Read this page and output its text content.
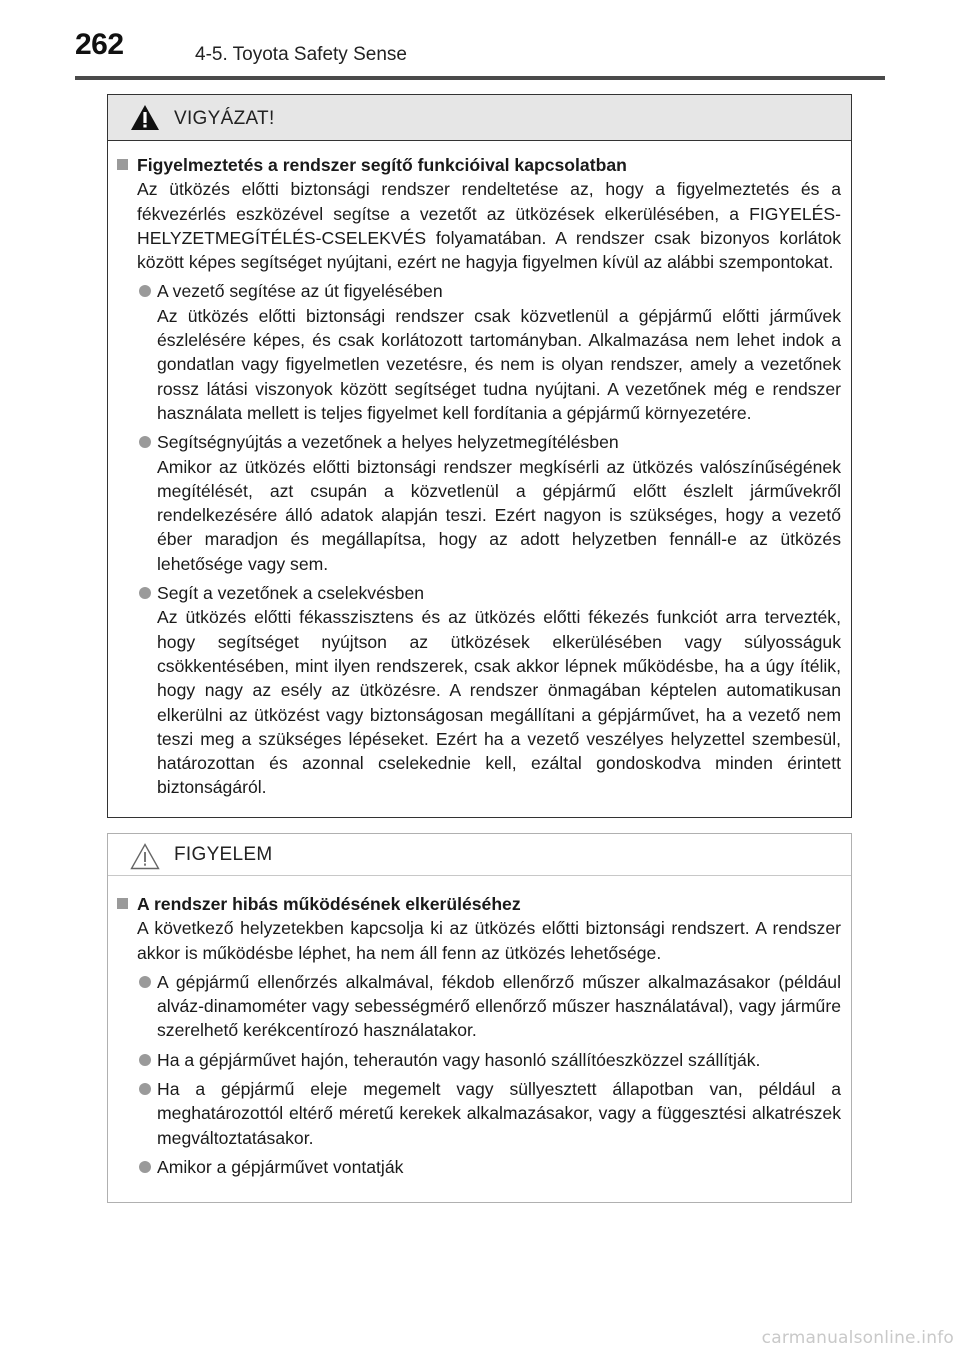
262	4-5. Toyota Safety Sense
VIGYÁZAT!
Figyelmeztetés a rendszer segítő funkcióival kapcsolatban
Az ütközés előtti biztonsági rendszer rendeltetése az, hogy a figyelmeztetés és a fékvezérlés eszközével segítse a vezetőt az ütközések elkerülésében, a FIGYELÉS-HELYZETMEGÍTÉLÉS-CSELEKVÉS folyamatában. A rendszer csak bizonyos korlátok között képes segítséget nyújtani, ezért ne hagyja figyelmen kívül az alábbi szempontokat.
A vezető segítése az út figyelésében
Az ütközés előtti biztonsági rendszer csak közvetlenül a gépjármű előtti járművek észlelésére képes, és csak korlátozott tartományban. Alkalmazása nem lehet indok a gondatlan vagy figyelmetlen vezetésre, és nem is olyan rendszer, amely a vezetőnek rossz látási viszonyok között segítséget tudna nyújtani. A vezetőnek még e rendszer használata mellett is teljes figyelmet kell fordítania a gépjármű környezetére.
Segítségnyújtás a vezetőnek a helyes helyzetmegítélésben
Amikor az ütközés előtti biztonsági rendszer megkísérli az ütközés valószínűségének megítélését, azt csupán a közvetlenül a gépjármű előtt észlelt járművekről rendelkezésére álló adatok alapján teszi. Ezért nagyon is szükséges, hogy a vezető éber maradjon és megállapítsa, hogy az adott helyzetben fennáll-e az ütközés lehetősége vagy sem.
Segít a vezetőnek a cselekvésben
Az ütközés előtti fékasszisztens és az ütközés előtti fékezés funkciót arra tervezték, hogy segítséget nyújtson az ütközések elkerülésében vagy súlyosságuk csökkentésében, mint ilyen rendszerek, csak akkor lépnek működésbe, ha a úgy ítélik, hogy nagy az esély az ütközésre. A rendszer önmagában képtelen automatikusan elkerülni az ütközést vagy biztonságosan megállítani a gépjárművet, ha a vezető nem teszi meg a szükséges lépéseket. Ezért ha a vezető veszélyes helyzettel szembesül, határozottan és azonnal cselekednie kell, ezáltal gondoskodva minden érintett biztonságáról.
FIGYELEM
A rendszer hibás működésének elkerüléséhez
A következő helyzetekben kapcsolja ki az ütközés előtti biztonsági rendszert. A rendszer akkor is működésbe léphet, ha nem áll fenn az ütközés lehetősége.
A gépjármű ellenőrzés alkalmával, fékdob ellenőrző műszer alkalmazásakor (például alváz-dinamométer vagy sebességmérő ellenőrző műszer használatával), vagy járműre szerelhető kerékcentírozó használatakor.
Ha a gépjárművet hajón, teherautón vagy hasonló szállítóeszközzel szállítják.
Ha a gépjármű eleje megemelt vagy süllyesztett állapotban van, például a meghatározottól eltérő méretű kerekek alkalmazásakor, vagy a függesztési alkatrészek megváltoztatásakor.
Amikor a gépjárművet vontatják
carmanualsonline.info
